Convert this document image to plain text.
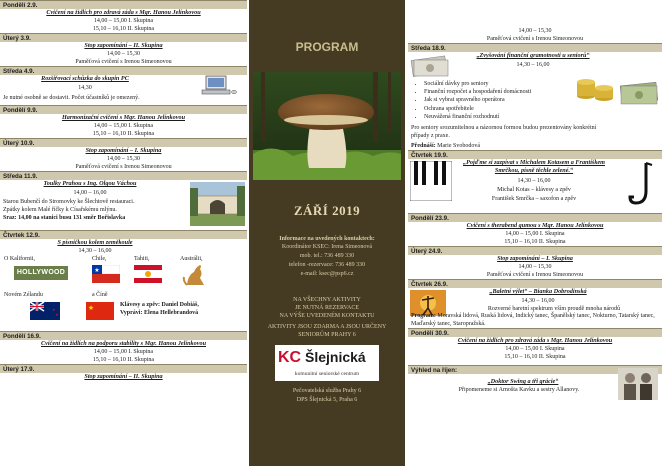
Pondělí 2.9.
Cvičení na židlích pro zdravá záda s Mgr. Hanou Jelínkovou
14,00 – 15,00 I. Skupina
15,10 – 16,10 II. Skupina
Úterý 3.9.
Stop zapomínání – II. Skupina
14,00 – 15,30
Paměťová cvičení s Irenou Simeonovou
Středa 4.9.
Rozšiřovací schůzka do skupin PC
14,30
Je nutné osobně se dostavit. Počet účastníků je omezený.
Pondělí 9.9.
Harmonizační cvičení s Mgr. Hanou Jelínkovou
14,00 – 15,00 I. Skupina
15,10 – 16,10 II. Skupina
Úterý 10.9.
Stop zapomínání – I. Skupina
14,00 – 15,30
Paměťová cvičení s Irenou Simeonovou
Středa 11.9.
Toulky Prahou s Ing. Olgou Váchou
14,00 – 16,00
Starou Bubenčí do Stromovky ke Šlechtově restauraci.
Zpátky kolem Malé říčky k Císařskému mlýnu.
Sraz: 14,00 na stanici busu 131 směr Bořislavka
Čtvrtek 12.9.
S písničkou kolem zeměkoule
14,30 – 16,00
O Kalifornii,	Chile,	Tahiti,	Austrálii,
HOLLYWOOD	★
Novém Zélandu	a Číně
★
★
★	Klávesy a zpěv: Daniel Dobiáš,
Vyprávi: Elena Hellebrandová
Pondělí 16.9.
Cvičení na židlích na podporu stability s Mgr. Hanou Jelínkovou
14,00 – 15,00 I. Skupina
15,10 – 16,10 II. Skupina
Úterý 17.9.
Stop zapomínání – II. Skupina
PROGRAM
ZÁŘÍ 2019
Informace na uvedených kontaktech:
Koordinátor KSEC: Irena Simeonová
mob. tel.: 736 489 330
telefon -rezervace: 736 489 330
e-mail: ksec@psp6.cz
NA VŠECHNY AKTIVITY
JE NUTNÁ REZERVACE
NA VÝŠE UVEDENÉM KONTAKTU
AKTIVITY JSOU ZDARMA A JSOU URČENY
SENIORŮM PRAHY 6
KC Šlejnická
komunitní seniorské centrum
Pečovatelská služba Prahy 6
DPS Šlejnická 5, Praha 6
14,00 – 15,30
Paměťová cvičení s Irenou Simeonovou
Středa 18.9.
„Zvyšování finanční gramotnosti u seniorů“
14,30 – 16,00
• Sociální dávky pro seniory
• Finanční rozpočet a hospodaření domácnosti
• Jak si vybrat spravného operátora
• Ochrana spotřebitele
• Neuvážená finanční rozhodnutí
Pro seniory srozumitelnou a názornou formou budou prezentovány konkrétní
případy z praxe.
Přednáší: Marie Svobodová
Čtvrtek 19.9.
„Pojďme si zazpívat s Michalem Kotasem a Františkem Smrčkou, písně těchle zelené.“
14,30 – 16,00
Michal Kotas – klávesy a zpěv
František Smrčka – saxofon a zpěv
Pondělí 23.9.
Cvičení s therabend gumou s Mgr. Hanou Jelínkovou
14,00 – 15,00 I. Skupina
15,10 – 16,10 II. Skupina
Úterý 24.9.
Stop zapomínání – I. Skupina
14,00 – 15,30
Paměťová cvičení s Irenou Simeonovou
Čtvrtek 26.9.
„Baletní výlet“ – Bianka Dobrodinská
14,30 – 16,00
Rozverné baretní spektrum vším proudě mnoha národů
Program: Moravská lidová, Ruská lidová, Indický tanec, Španělský tanec, Nokturno, Tatarský tanec, Maďarský tanec, Staropražská.
Pondělí 30.9.
Cvičení na židlích pro zdravá záda s Mgr. Hanou Jelínkovou
14,00 – 15,00 I. Skupina
15,10 – 16,10 II. Skupina
Výhled na říjen:
„Doktor Swing a tři grácie“
Připomeneme si Arnošta Kavku a sestry Allanovy.
